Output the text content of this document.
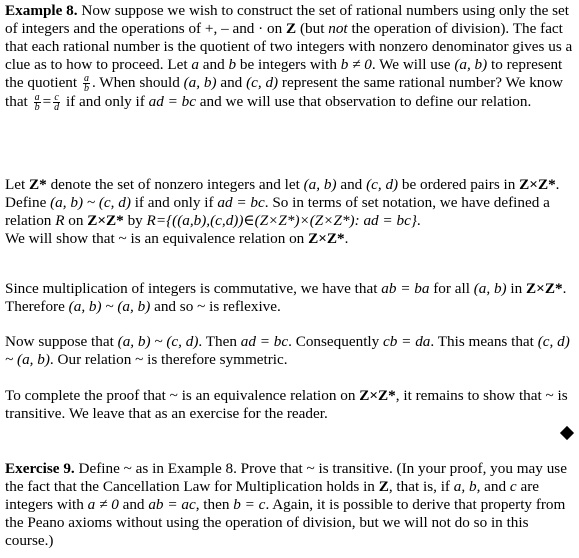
Example 8. Now suppose we wish to construct the set of rational numbers using only the set of integers and the operations of +, – and · on Z (but not the operation of division). The fact that each rational number is the quotient of two integers with nonzero denominator gives us a clue as to how to proceed. Let a and b be integers with b ≠ 0. We will use (a, b) to represent the quotient $\frac{a}{b}$ . When should (a, b) and (c, d) represent the same rational number? We know that $\frac{a}{b} = \frac{c}{d}$ if and only if ad = bc and we will use that observation to define our relation.

Let Z* denote the set of nonzero integers and let (a, b) and (c, d) be ordered pairs in Z×Z*. Define (a, b) ~ (c, d) if and only if ad = bc. So in terms of set notation, we have defined a relation R on Z×Z* by R={((a,b),(c,d))∈(Z×Z*)×(Z×Z*): ad = bc}.
We will show that ~ is an equivalence relation on Z×Z*.

Since multiplication of integers is commutative, we have that ab = ba for all (a, b) in Z×Z*. Therefore (a, b) ~ (a, b) and so ~ is reflexive.

Now suppose that (a, b) ~ (c, d). Then ad = bc. Consequently cb = da. This means that (c, d) ~ (a, b). Our relation ~ is therefore symmetric.

To complete the proof that ~ is an equivalence relation on Z×Z*, it remains to show that ~ is transitive. We leave that as an exercise for the reader.

Exercise 9. Define ~ as in Example 8. Prove that ~ is transitive. (In your proof, you may use the fact that the Cancellation Law for Multiplication holds in Z, that is, if a, b, and c are integers with a ≠ 0 and ab = ac, then b = c. Again, it is possible to derive that property from the Peano axioms without using the operation of division, but we will not do so in this course.)
